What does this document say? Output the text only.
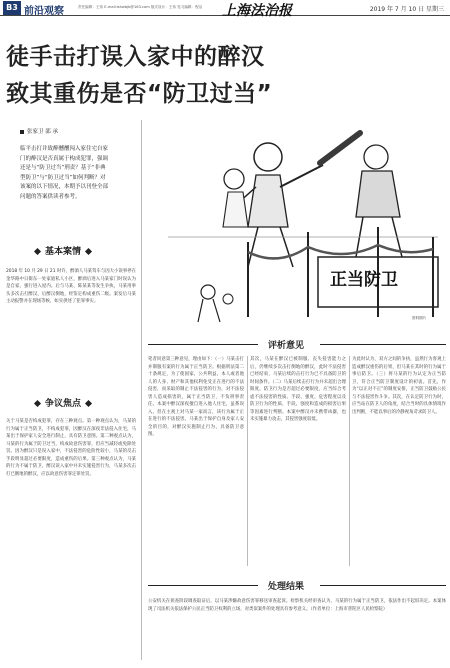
B3 前沿观察	责任编辑：王伟 E-mail:lshwbjb@163.com 版式设计：王伟 见习编辑：程洁 上海法治报	2019 年 7 月 10 日 星期三
徒手击打误入家中的醉汉
致其重伤是否“防卫过当”
张家卫 邵 承
临平击打并致醉醺醺闯入家住宅自家门的醉汉是否真属于构成犯罪，强调还是与“防卫过当”刑责？基于“非典型防卫”与“防卫过当”如何判断？对该案的以下情况，本期予以刊登全部问题的答案供读者参考。
基本案情
2018 年 10 月 29 日 21 时许，醉酒人马某驾车与因大小误事停在金华路中日街东一处家庭私人小区，醉酒后进入马某家门时误认为是自家，强行进入屋内。后与马某、陈某某等发生争执，马某用拳头多次击打醉汉，后醉汉倒地，经鉴定构成重伤二级。案发后马某主动报警并在现场等候，如实供述了犯罪事实。
争议焦点
关于马某是否构成犯罪，存在三种观点。第一种观点认为，马某的行为属于正当防卫，不构成犯罪，因醉汉在深夜非法侵入住宅，马某出于保护家人安全进行制止，具有防卫意图。第二种观点认为，马某的行为属于防卫过当，构成故意伤害罪，但应当减轻或免除处罚。因为醉汉只是误入家中，不法侵害的危险性较小，马某的反击手段明显超过必要限度，造成重伤的后果。第三种观点认为，马某的行为不属于防卫，醉汉误入家中并未实施侵害行为，马某多次击打已倒地的醉汉，应以故意伤害罪定罪处罚。
正当防卫
资料图片
评析意见
笔者同意第三种意见，理由如下：（一）马某击打并制服有案的行为属于正当防卫。根据刑法第二十条规定，为了使国家、公共利益、本人或者他人的人身、财产和其他权利免受正在进行的不法侵害，而采取的制止不法侵害的行为，对不法侵害人造成损害的，属于正当防卫，不负刑事责任。本案中醉汉深夜擅自进入他人住宅，虽系误入，但在主观上对马某一家而言，该行为属于正在进行的不法侵害。马某出于保护自身及家人安全的目的，对醉汉实施制止行为，具备防卫意图。
其次，马某在醉汉已被制服、丧失侵害能力之后，仍继续多次击打倒地的醉汉，此时不法侵害已经结束，马某后续的击打行为已不具备防卫的时间条件。（二）马某后续击打行为并未超出合理限度。防卫行为是否超过必要限度，应当综合考虑不法侵害的性质、手段、强度、危害程度以及防卫行为的性质、手段、强度和造成的损害后果等因素进行判断。本案中醉汉并未携带凶器，也未实施暴力攻击，其侵害强度较低。
为此时认为，双方之间的争执，虽然行为客观上造成醉汉重伤的后果，但马某在其时的行为属于事后防卫。（三）将马某的行为认定为正当防卫，符合正当防卫制度设计的初衷。首先，作为“以正对不正”的制度安排，正当防卫鼓励公民与不法侵害作斗争。其次，在认定防卫行为时，应当站在防卫人的角度，结合当时的具体情境作出判断，不能以事后的冷静视角苛求防卫人。
处理结果
公安机关在侦查阶段调查取证后，以马某涉嫌故意伤害罪移送审查起诉。检察机关经审查认为，马某的行为属于正当防卫，依法作出不起诉决定。本案体现了司法机关依法保护公民正当防卫权利的立场，对类似案件的处理具有参考意义。（作者单位：上海市普陀区人民检察院）
